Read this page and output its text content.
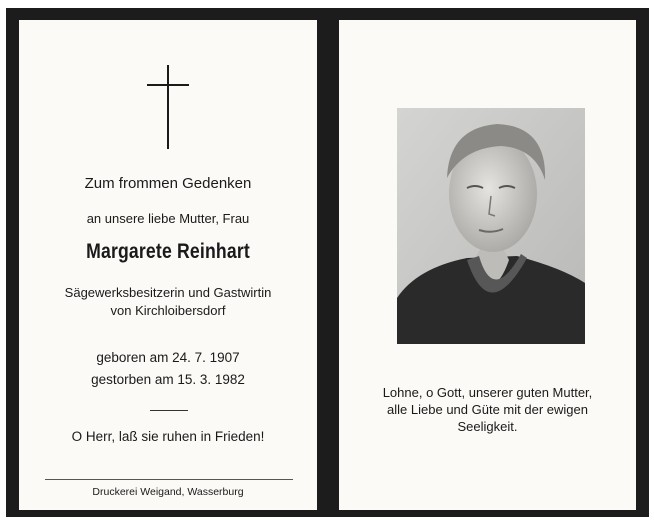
Zum frommen Gedenken
an unsere liebe Mutter, Frau
Margarete Reinhart
Sägewerksbesitzerin und Gastwirtin
von Kirchloibersdorf
geboren am 24. 7. 1907
gestorben am 15. 3. 1982
O Herr, laß sie ruhen in Frieden!
Druckerei Weigand, Wasserburg
Lohne, o Gott, unserer guten Mutter,
alle Liebe und Güte mit der ewigen
Seeligkeit.
